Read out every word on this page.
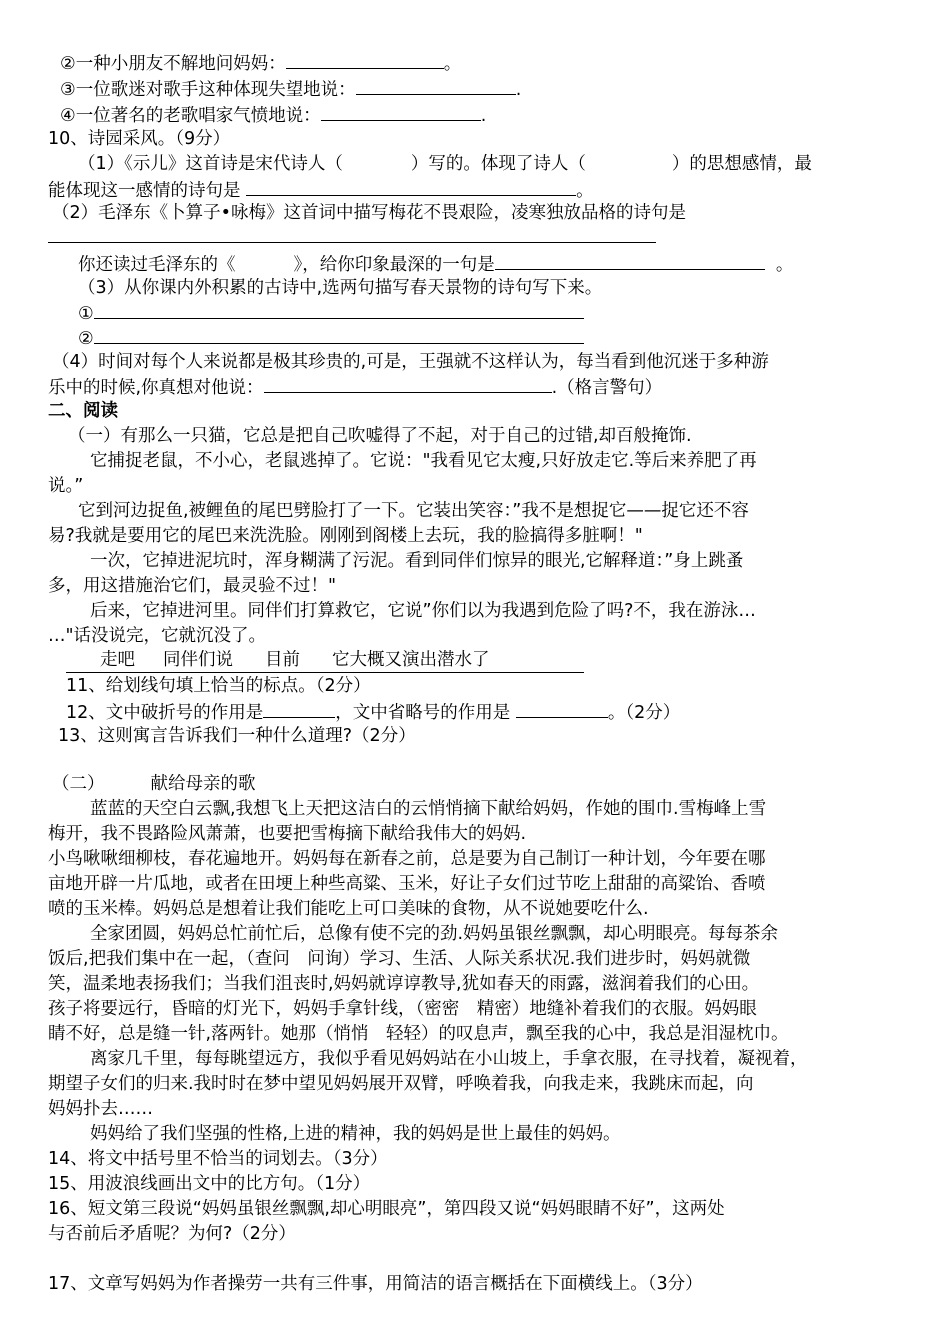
②一种小朋友不解地问妈妈：	。
③一位歌迷对歌手这种体现失望地说：	.
④一位著名的老歌唱家气愤地说：	.
10、诗园采风。（9分）
（1）《示儿》这首诗是宋代诗人（	）写的。体现了诗人（	）的思想感情，最
能体现这一感情的诗句是	。
（2）毛泽东《卜算子•咏梅》这首词中描写梅花不畏艰险，凌寒独放品格的诗句是
你还读过毛泽东的《	》，给你印象最深的一句是	。
（3）从你课内外积累的古诗中,选两句描写春天景物的诗句写下来。
①
②
（4）时间对每个人来说都是极其珍贵的,可是，王强就不这样认为，每当看到他沉迷于多种游
乐中的时候,你真想对他说：	.（格言警句）
二、阅读
（一）有那么一只猫，它总是把自己吹嘘得了不起，对于自己的过错,却百般掩饰.
它捕捉老鼠，不小心，老鼠逃掉了。它说："我看见它太瘦,只好放走它.等后来养肥了再
说。”
它到河边捉鱼,被鲤鱼的尾巴劈脸打了一下。它装出笑容：”我不是想捉它——捉它还不容
易?我就是要用它的尾巴来洗洗脸。刚刚到阁楼上去玩，我的脸搞得多脏啊！"
一次，它掉进泥坑时，浑身糊满了污泥。看到同伴们惊异的眼光,它解释道：”身上跳蚤
多，用这措施治它们，最灵验不过！"
后来，它掉进河里。同伴们打算救它，它说”你们以为我遇到危险了吗?不，我在游泳…
…"话没说完，它就沉没了。
走吧 同伴们说 目前 它大概又演出潜水了
11、给划线句填上恰当的标点。（2分）
12、文中破折号的作用是	，文中省略号的作用是	。（2分）
13、这则寓言告诉我们一种什么道理?（2分）
（二）	献给母亲的歌
蓝蓝的天空白云飘,我想飞上天把这洁白的云悄悄摘下献给妈妈，作她的围巾.雪梅峰上雪
梅开，我不畏路险风萧萧，也要把雪梅摘下献给我伟大的妈妈.
小鸟啾啾细柳枝，春花遍地开。妈妈每在新春之前，总是要为自己制订一种计划，今年要在哪
亩地开辟一片瓜地，或者在田埂上种些高粱、玉米，好让子女们过节吃上甜甜的高粱饴、香喷
喷的玉米棒。妈妈总是想着让我们能吃上可口美味的食物，从不说她要吃什么.
全家团圆，妈妈总忙前忙后，总像有使不完的劲.妈妈虽银丝飘飘，却心明眼亮。每每茶余
饭后,把我们集中在一起，（查问　问询）学习、生活、人际关系状况.我们进步时，妈妈就微
笑，温柔地表扬我们；当我们沮丧时,妈妈就谆谆教导,犹如春天的雨露，滋润着我们的心田。
孩子将要远行，昏暗的灯光下，妈妈手拿针线，（密密　精密）地缝补着我们的衣服。妈妈眼
睛不好，总是缝一针,落两针。她那（悄悄　轻轻）的叹息声，飘至我的心中，我总是泪湿枕巾。
离家几千里，每每眺望远方，我似乎看见妈妈站在小山坡上，手拿衣服，在寻找着，凝视着，
期望子女们的归来.我时时在梦中望见妈妈展开双臂，呼唤着我，向我走来，我跳床而起，向
妈妈扑去……
妈妈给了我们坚强的性格,上进的精神，我的妈妈是世上最佳的妈妈。
14、将文中括号里不恰当的词划去。（3分）
15、用波浪线画出文中的比方句。（1分）
16、短文第三段说“妈妈虽银丝飘飘,却心明眼亮”，第四段又说“妈妈眼睛不好”，这两处
与否前后矛盾呢？为何?（2分）
17、文章写妈妈为作者操劳一共有三件事，用简洁的语言概括在下面横线上。（3分）
